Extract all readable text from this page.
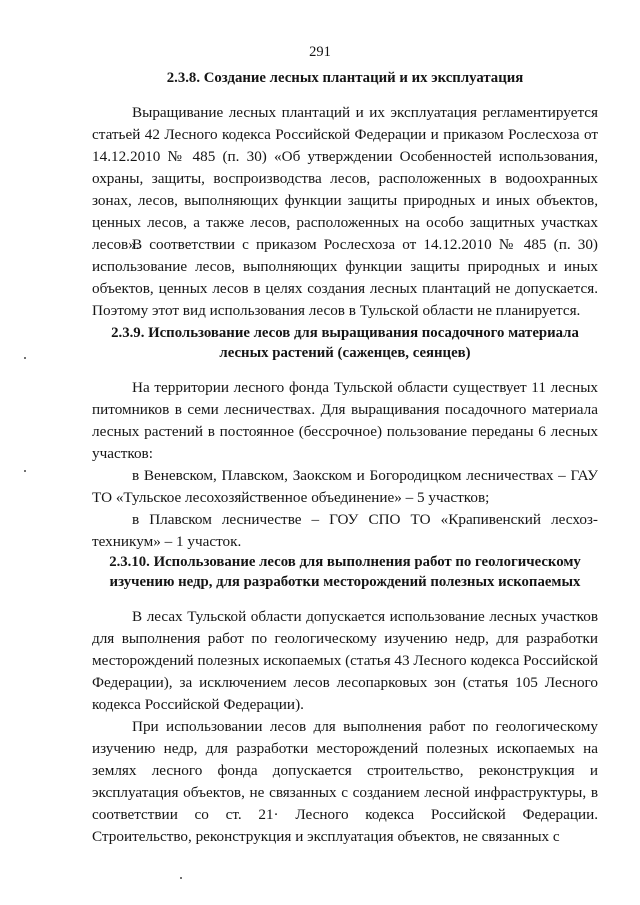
291
2.3.8. Создание лесных плантаций и их эксплуатация
Выращивание лесных плантаций и их эксплуатация регламентируется статьей 42 Лесного кодекса Российской Федерации и приказом Рослесхоза от 14.12.2010 № 485 (п. 30) «Об утверждении Особенностей использования, охраны, защиты, воспроизводства лесов, расположенных в водоохранных зонах, лесов, выполняющих функции защиты природных и иных объектов, ценных лесов, а также лесов, расположенных на особо защитных участках лесов».
В соответствии с приказом Рослесхоза от 14.12.2010 № 485 (п. 30) использование лесов, выполняющих функции защиты природных и иных объектов, ценных лесов в целях создания лесных плантаций не допускается. Поэтому этот вид использования лесов в Тульской области не планируется.
2.3.9. Использование лесов для выращивания посадочного материала лесных растений (саженцев, сеянцев)
На территории лесного фонда Тульской области существует 11 лесных питомников в семи лесничествах. Для выращивания посадочного материала лесных растений в постоянное (бессрочное) пользование переданы 6 лесных участков:
в Веневском, Плавском, Заокском и Богородицком лесничествах – ГАУ ТО «Тульское лесохозяйственное объединение» – 5 участков;
в Плавском лесничестве – ГОУ СПО ТО «Крапивенский лесхоз-техникум» – 1 участок.
2.3.10. Использование лесов для выполнения работ по геологическому изучению недр, для разработки месторождений полезных ископаемых
В лесах Тульской области допускается использование лесных участков для выполнения работ по геологическому изучению недр, для разработки месторождений полезных ископаемых (статья 43 Лесного кодекса Российской Федерации), за исключением лесов лесопарковых зон (статья 105 Лесного кодекса Российской Федерации).
При использовании лесов для выполнения работ по геологическому изучению недр, для разработки месторождений полезных ископаемых на землях лесного фонда допускается строительство, реконструкция и эксплуатация объектов, не связанных с созданием лесной инфраструктуры, в соответствии со ст. 21· Лесного кодекса Российской Федерации. Строительство, реконструкция и эксплуатация объектов, не связанных с
